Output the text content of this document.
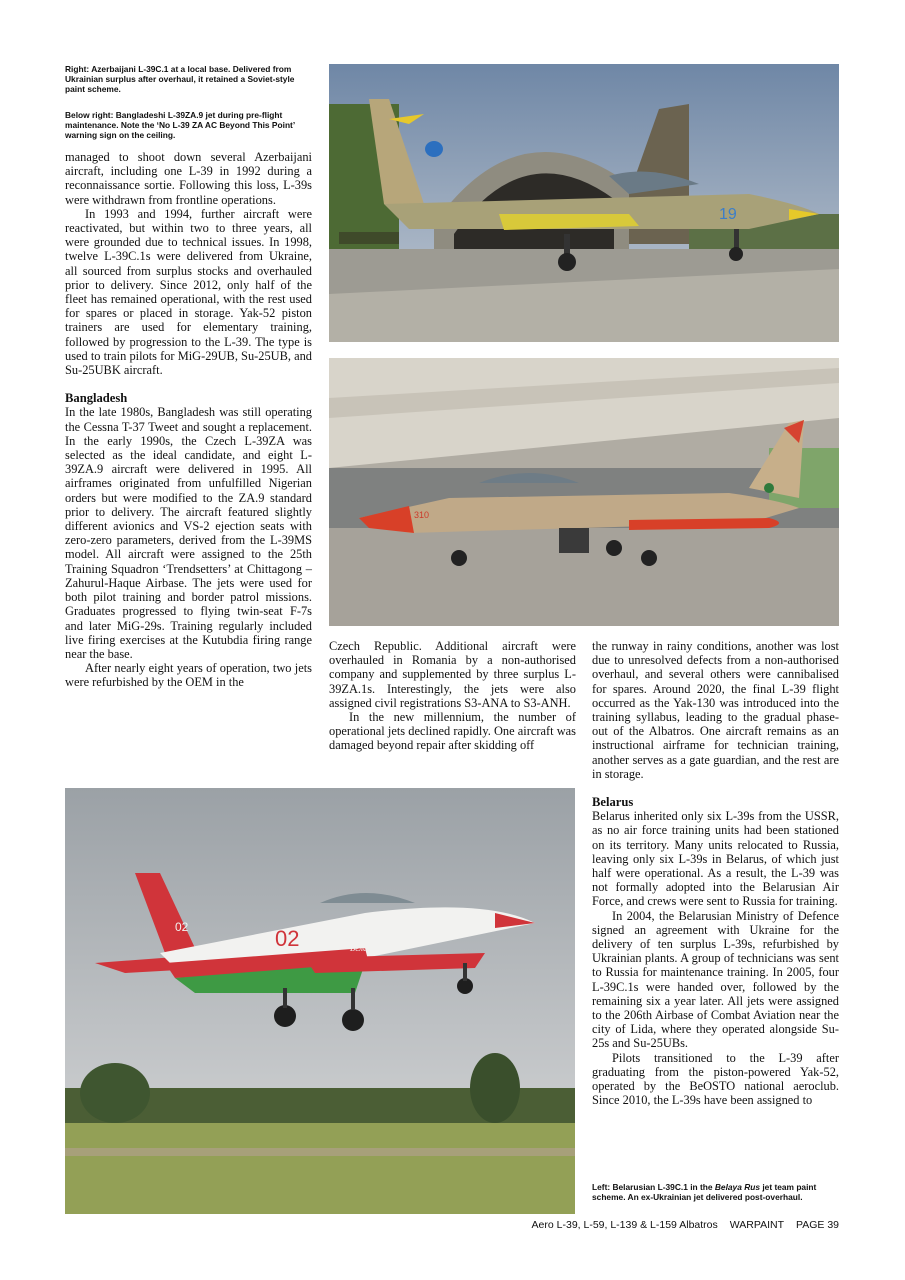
Right: Azerbaijani L-39C.1 at a local base. Delivered from Ukrainian surplus after overhaul, it retained a Soviet-style paint scheme.
Below right: Bangladeshi L-39ZA.9 jet during pre-flight maintenance. Note the ‘No L-39 ZA AC Beyond This Point’ warning sign on the ceiling.

managed to shoot down several Azerbaijani aircraft, including one L-39 in 1992 during a reconnaissance sortie. Following this loss, L-39s were withdrawn from frontline operations.

In 1993 and 1994, further aircraft were reactivated, but within two to three years, all were grounded due to technical issues. In 1998, twelve L-39C.1s were delivered from Ukraine, all sourced from surplus stocks and overhauled prior to delivery. Since 2012, only half of the fleet has remained operational, with the rest used for spares or placed in storage. Yak-52 piston trainers are used for elementary training, followed by progression to the L-39. The type is used to train pilots for MiG-29UB, Su-25UB, and Su-25UBK aircraft.

Bangladesh

In the late 1980s, Bangladesh was still operating the Cessna T-37 Tweet and sought a replacement. In the early 1990s, the Czech L-39ZA was selected as the ideal candidate, and eight L-39ZA.9 aircraft were delivered in 1995. All airframes originated from unfulfilled Nigerian orders but were modified to the ZA.9 standard prior to delivery. The aircraft featured slightly different avionics and VS-2 ejection seats with zero-zero parameters, derived from the L-39MS model. All aircraft were assigned to the 25th Training Squadron ‘Trendsetters’ at Chittagong – Zahurul-Haque Airbase. The jets were used for both pilot training and border patrol missions. Graduates progressed to flying twin-seat F-7s and later MiG-29s. Training regularly included live firing exercises at the Kutubdia firing range near the base.

After nearly eight years of operation, two jets were refurbished by the OEM in the

19
310

Czech Republic. Additional aircraft were overhauled in Romania by a non-authorised company and supplemented by three surplus L-39ZA.1s. Interestingly, the jets were also assigned civil registrations S3-ANA to S3-ANH.

In the new millennium, the number of operational jets declined rapidly. One aircraft was damaged beyond repair after skidding off

the runway in rainy conditions, another was lost due to unresolved defects from a non-authorised overhaul, and several others were cannibalised for spares. Around 2020, the final L-39 flight occurred as the Yak-130 was introduced into the training syllabus, leading to the gradual phase-out of the Albatros. One aircraft remains as an instructional airframe for technician training, another serves as a gate guardian, and the rest are in storage.

Belarus

Belarus inherited only six L-39s from the USSR, as no air force training units had been stationed on its territory. Many units relocated to Russia, leaving only six L-39s in Belarus, of which just half were operational. As a result, the L-39 was not formally adopted into the Belarusian Air Force, and crews were sent to Russia for training.

In 2004, the Belarusian Ministry of Defence signed an agreement with Ukraine for the delivery of ten surplus L-39s, refurbished by Ukrainian plants. A group of technicians was sent to Russia for maintenance training. In 2005, four L-39C.1s were handed over, followed by the remaining six a year later. All jets were assigned to the 206th Airbase of Combat Aviation near the city of Lida, where they operated alongside Su-25s and Su-25UBs.

Pilots transitioned to the L-39 after graduating from the piston-powered Yak-52, operated by the BeOSTO national aeroclub. Since 2010, the L-39s have been assigned to

02
02
Белая Русь
Left: Belarusian L-39C.1 in the Belaya Rus jet team paint scheme. An ex-Ukrainian jet delivered post-overhaul.
Aero L-39, L-59, L-139 & L-159 Albatros WARPAINT PAGE 39
